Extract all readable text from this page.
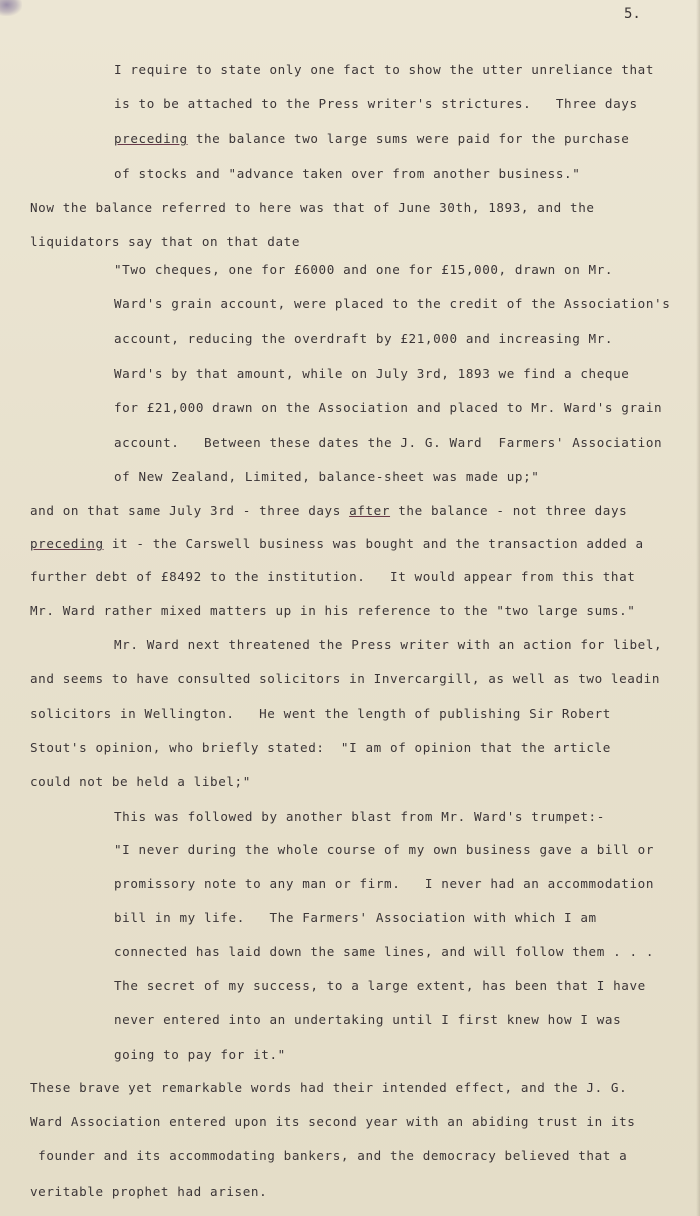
5.
I require to state only one fact to show the utter unreliance that
is to be attached to the Press writer's strictures.   Three days
preceding the balance two large sums were paid for the purchase
of stocks and "advance taken over from another business."
Now the balance referred to here was that of June 30th, 1893, and the
liquidators say that on that date
"Two cheques, one for £6000 and one for £15,000, drawn on Mr.
Ward's grain account, were placed to the credit of the Association's
account, reducing the overdraft by £21,000 and increasing Mr.
Ward's by that amount, while on July 3rd, 1893 we find a cheque
for £21,000 drawn on the Association and placed to Mr. Ward's grain
account.   Between these dates the J. G. Ward  Farmers' Association
of New Zealand, Limited, balance-sheet was made up;"
and on that same July 3rd - three days after the balance - not three days
preceding it - the Carswell business was bought and the transaction added a
further debt of £8492 to the institution.   It would appear from this that
Mr. Ward rather mixed matters up in his reference to the "two large sums."
Mr. Ward next threatened the Press writer with an action for libel,
and seems to have consulted solicitors in Invercargill, as well as two leadin
solicitors in Wellington.   He went the length of publishing Sir Robert
Stout's opinion, who briefly stated:  "I am of opinion that the article
could not be held a libel;"
This was followed by another blast from Mr. Ward's trumpet:-
"I never during the whole course of my own business gave a bill or
promissory note to any man or firm.   I never had an accommodation
bill in my life.   The Farmers' Association with which I am
connected has laid down the same lines, and will follow them . . .
The secret of my success, to a large extent, has been that I have
never entered into an undertaking until I first knew how I was
going to pay for it."
These brave yet remarkable words had their intended effect, and the J. G.
Ward Association entered upon its second year with an abiding trust in its
founder and its accommodating bankers, and the democracy believed that a
veritable prophet had arisen.
